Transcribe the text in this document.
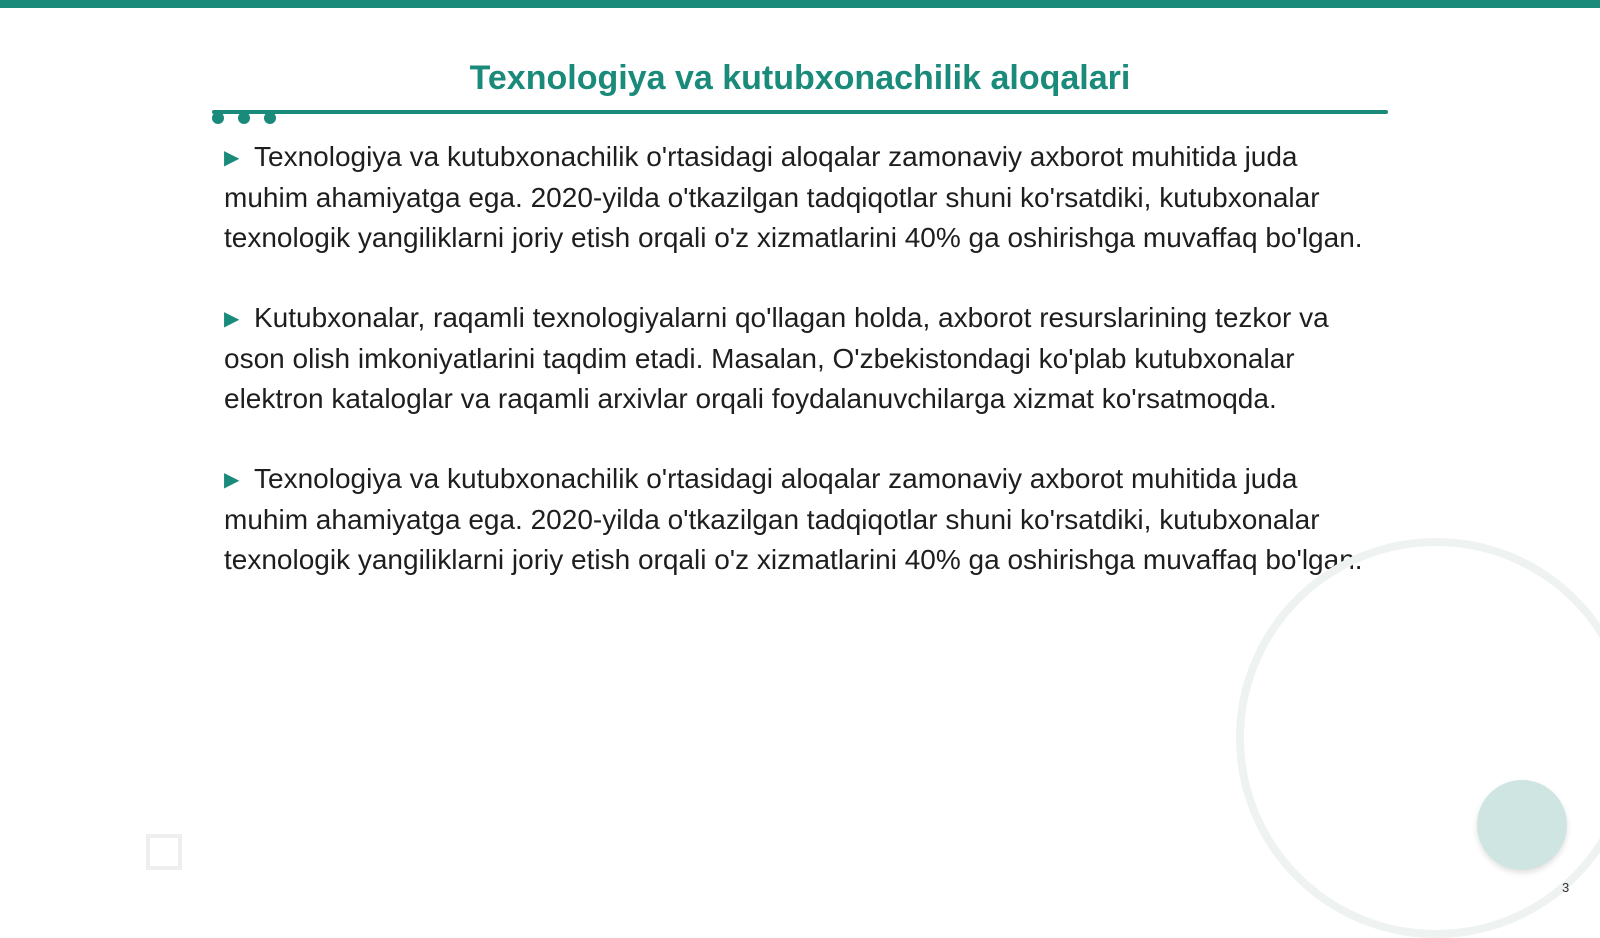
Texnologiya va kutubxonachilik aloqalari

▶ Texnologiya va kutubxonachilik o'rtasidagi aloqalar zamonaviy axborot muhitida juda muhim ahamiyatga ega. 2020-yilda o'tkazilgan tadqiqotlar shuni ko'rsatdiki, kutubxonalar texnologik yangiliklarni joriy etish orqali o'z xizmatlarini 40% ga oshirishga muvaffaq bo'lgan.

▶ Kutubxonalar, raqamli texnologiyalarni qo'llagan holda, axborot resurslarining tezkor va oson olish imkoniyatlarini taqdim etadi. Masalan, O'zbekistondagi ko'plab kutubxonalar elektron kataloglar va raqamli arxivlar orqali foydalanuvchilarga xizmat ko'rsatmoqda.

▶ Texnologiya va kutubxonachilik o'rtasidagi aloqalar zamonaviy axborot muhitida juda muhim ahamiyatga ega. 2020-yilda o'tkazilgan tadqiqotlar shuni ko'rsatdiki, kutubxonalar texnologik yangiliklarni joriy etish orqali o'z xizmatlarini 40% ga oshirishga muvaffaq bo'lgan.

3
